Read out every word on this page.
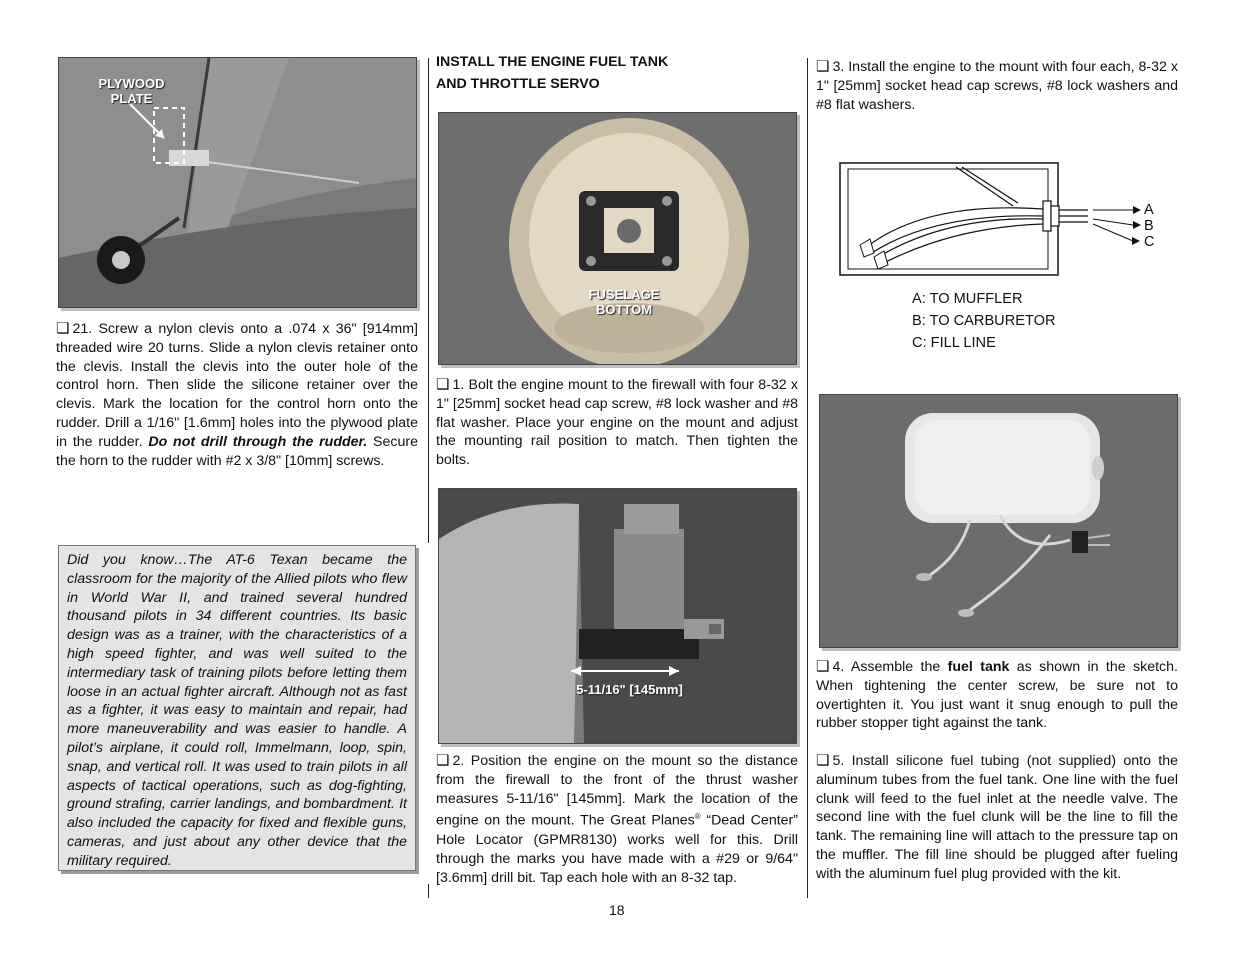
PLYWOOD PLATE
❏ 21. Screw a nylon clevis onto a .074 x 36" [914mm] threaded wire 20 turns. Slide a nylon clevis retainer onto the clevis. Install the clevis into the outer hole of the control horn. Then slide the silicone retainer over the clevis. Mark the location for the control horn onto the rudder. Drill a 1/16" [1.6mm] holes into the plywood plate in the rudder. Do not drill through the rudder. Secure the horn to the rudder with #2 x 3/8" [10mm] screws.
Did you know…The AT-6 Texan became the classroom for the majority of the Allied pilots who flew in World War II, and trained several hundred thousand pilots in 34 different countries. Its basic design was as a trainer, with the characteristics of a high speed fighter, and was well suited to the intermediary task of training pilots before letting them loose in an actual fighter aircraft. Although not as fast as a fighter, it was easy to maintain and repair, had more maneuverability and was easier to handle. A pilot’s airplane, it could roll, Immelmann, loop, spin, snap, and vertical roll. It was used to train pilots in all aspects of tactical operations, such as dog-fighting, ground strafing, carrier landings, and bombardment. It also included the capacity for fixed and flexible guns, cameras, and just about any other device that the military required.
INSTALL THE ENGINE FUEL TANK
AND THROTTLE SERVO
FUSELAGE BOTTOM
❏ 1. Bolt the engine mount to the firewall with four 8-32 x 1" [25mm] socket head cap screw, #8 lock washer and #8 flat washer. Place your engine on the mount and adjust the mounting rail position to match. Then tighten the bolts.
5-11/16" [145mm]
❏ 2. Position the engine on the mount so the distance from the firewall to the front of the thrust washer measures 5-11/16" [145mm]. Mark the location of the engine on the mount. The Great Planes® “Dead Center” Hole Locator (GPMR8130) works well for this. Drill through the marks you have made with a #29 or 9/64" [3.6mm] drill bit. Tap each hole with an 8-32 tap.
18
❏ 3. Install the engine to the mount with four each, 8-32 x 1" [25mm] socket head cap screws, #8 lock washers and #8 flat washers.
A
B
C
A: TO MUFFLER
B: TO CARBURETOR
C: FILL LINE
❏ 4. Assemble the fuel tank as shown in the sketch. When tightening the center screw, be sure not to overtighten it. You just want it snug enough to pull the rubber stopper tight against the tank.
❏ 5. Install silicone fuel tubing (not supplied) onto the aluminum tubes from the fuel tank. One line with the fuel clunk will feed to the fuel inlet at the needle valve. The second line with the fuel clunk will be the line to fill the tank. The remaining line will attach to the pressure tap on the muffler. The fill line should be plugged after fueling with the aluminum fuel plug provided with the kit.
